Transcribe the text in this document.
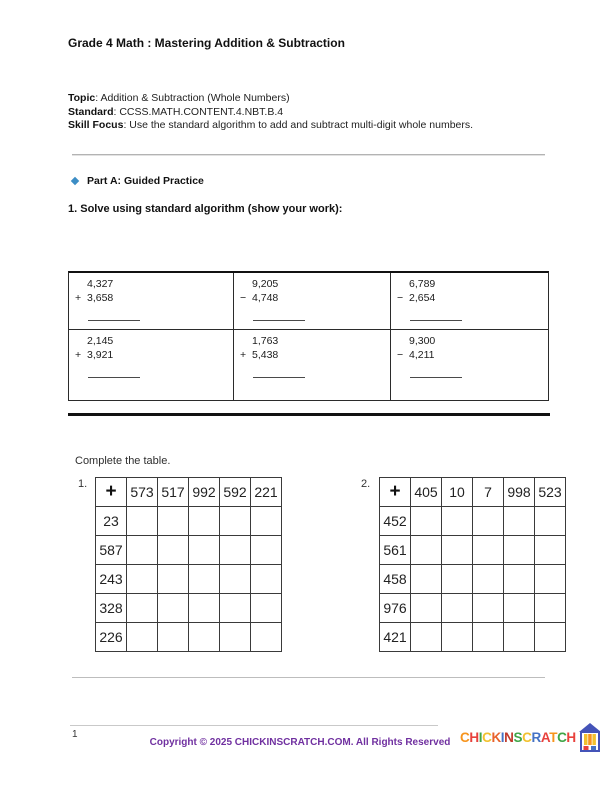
Grade 4 Math : Mastering Addition & Subtraction
Topic: Addition & Subtraction (Whole Numbers)
Standard: CCSS.MATH.CONTENT.4.NBT.B.4
Skill Focus: Use the standard algorithm to add and subtract multi-digit whole numbers.
Part A: Guided Practice
1. Solve using standard algorithm (show your work):
4,327
+ 3,658
9,205
− 4,748
6,789
− 2,654
2,145
+ 3,921
1,763
+ 5,438
9,300
− 4,211
Complete the table.
1. +	573	517	992	592	221
23					
587					
243					
328					
226					
2. +	405	10	7	998	523
452					
561					
458					
976					
421					
1
Copyright © 2025 CHICKINSCRATCH.COM. All Rights Reserved CHICKINSCRATCH
